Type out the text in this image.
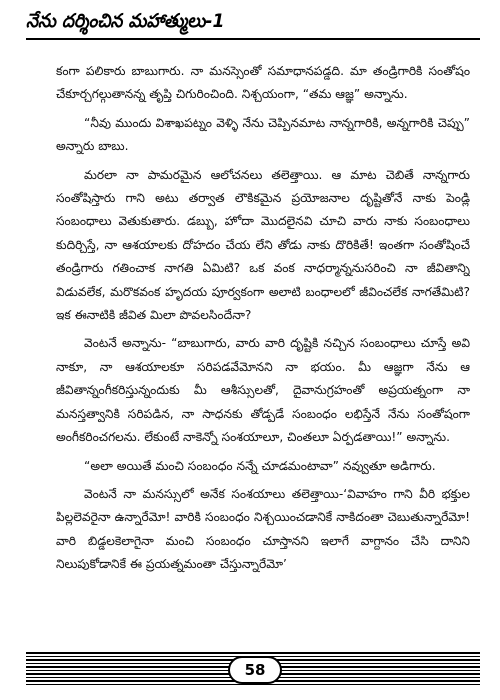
నేను దర్శించిన మహాత్ములు-1

కంగా పలికారు బాబుగారు. నా మనస్సెంతో సమాధానపడ్డది. మా తండ్రిగారికి సంతోషం చేకూర్చగల్గుతానన్న తృప్తి చిగురించింది. నిశ్చయంగా, “తమ ఆజ్ఞ” అన్నాను.

“నీవు ముందు విశాఖపట్నం వెళ్ళి నేను చెప్పినమాట నాన్నగారికి, అన్నగారికి చెప్పు” అన్నారు బాబు.

మరలా నా పామరమైన ఆలోచనలు తలెత్తాయి. ఆ మాట చెబితే నాన్నగారు సంతోషిస్తారు గాని అటు తర్వాత లౌకికమైన ప్రయోజనాల దృష్టితోనే నాకు పెండ్లి సంబంధాలు వెతుకుతారు. డబ్బు, హోదా మొదలైనవి చూచి వారు నాకు సంబంధాలు కుదిర్చిస్తే, నా ఆశయాలకు దోహదం చేయ లేని తోడు నాకు దొరికితే! ఇంతగా సంతోషించే తండ్రిగారు గతించాక నాగతి ఏమిటి? ఒక వంక నాధర్మాన్ననుసరించి నా జీవితాన్ని విడువలేక, మరొకవంక హృదయ పూర్వకంగా అలాటి బంధాలలో జీవించలేక నాగతేమిటి? ఇక ఈనాటికి జీవిత మిలా పొవలసిందేనా?

వెంటనే అన్నాను- “బాబుగారు, వారు వారి దృష్టికి నచ్చిన సంబంధాలు చూస్తే అవి నాకూ, నా ఆశయాలకూ సరిపడవేమోనని నా భయం. మీ ఆజ్ఞగా నేను ఆ జీవితాన్నంగీకరిస్తున్నందుకు మీ ఆశీస్సులతో, దైవానుగ్రహంతో అప్రయత్నంగా నా మనస్తత్వానికి సరిపడిన, నా సాధనకు తోడ్పడే సంబంధం లభిస్తేనే నేను సంతోషంగా అంగీకరించగలను. లేకుంటే నాకెన్నో సంశయాలూ, చింతలూ ఏర్పడతాయి!” అన్నాను.

“అలా అయితే మంచి సంబంధం నన్నే చూడమంటావా” నవ్వుతూ అడిగారు.

వెంటనే నా మనస్సులో అనేక సంశయాలు తలెత్తాయి-‘వివాహం గాని వీరి భక్తుల పిల్లలెవరైనా ఉన్నారేమో! వారికి సంబంధం నిశ్చయించడానికే నాకిదంతా చెబుతున్నారేమో! వారి బిడ్డలకెలాగైనా మంచి సంబంధం చూస్తానని ఇలాగే వాగ్దానం చేసి దానిని నిలుపుకోడానికే ఈ ప్రయత్నమంతా చేస్తున్నారేమో’

58
